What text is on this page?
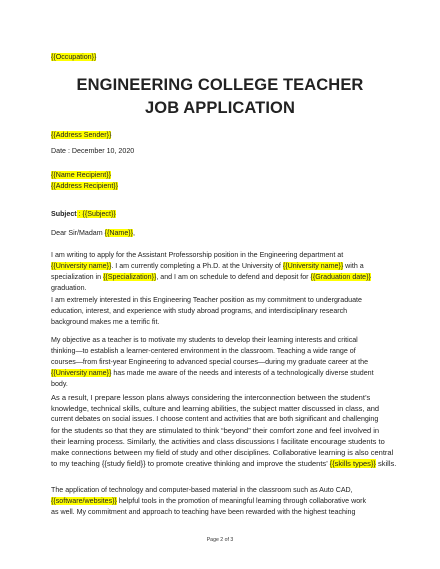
{{Occupation}}
ENGINEERING COLLEGE TEACHER
JOB APPLICATION
{{Address Sender}}
Date : December 10, 2020
{{Name Recipient}}
{{Address Recipient}}
Subject : {{Subject}}
Dear Sir/Madam {{Name}},
I am writing to apply for the Assistant Professorship position in the Engineering department at
{{University name}}. I am currently completing a Ph.D. at the University of {{University name}} with a
specialization in {{Specialization}}, and I am on schedule to defend and deposit for {{Graduation date}}
graduation.
I am extremely interested in this Engineering Teacher position as my commitment to undergraduate
education, interest, and experience with study abroad programs, and interdisciplinary research
background makes me a terrific fit.
My objective as a teacher is to motivate my students to develop their learning interests and critical
thinking—to establish a learner-centered environment in the classroom. Teaching a wide range of
courses—from first-year Engineering to advanced special courses—during my graduate career at the
{{University name}} has made me aware of the needs and interests of a technologically diverse student
body.
As a result, I prepare lesson plans always considering the interconnection between the student’s
knowledge, technical skills, culture and learning abilities, the subject matter discussed in class, and
current debates on social issues. I choose content and activities that are both significant and challenging
for the students so that they are stimulated to think “beyond” their comfort zone and feel involved in
their learning process. Similarly, the activities and class discussions I facilitate encourage students to
make connections between my field of study and other disciplines. Collaborative learning is also central
to my teaching {{study field}} to promote creative thinking and improve the students’ {{skills types}} skills.
The application of technology and computer-based material in the classroom such as Auto CAD,
{{software/websites}} helpful tools in the promotion of meaningful learning through collaborative work
as well. My commitment and approach to teaching have been rewarded with the highest teaching
Page 2 of 3
